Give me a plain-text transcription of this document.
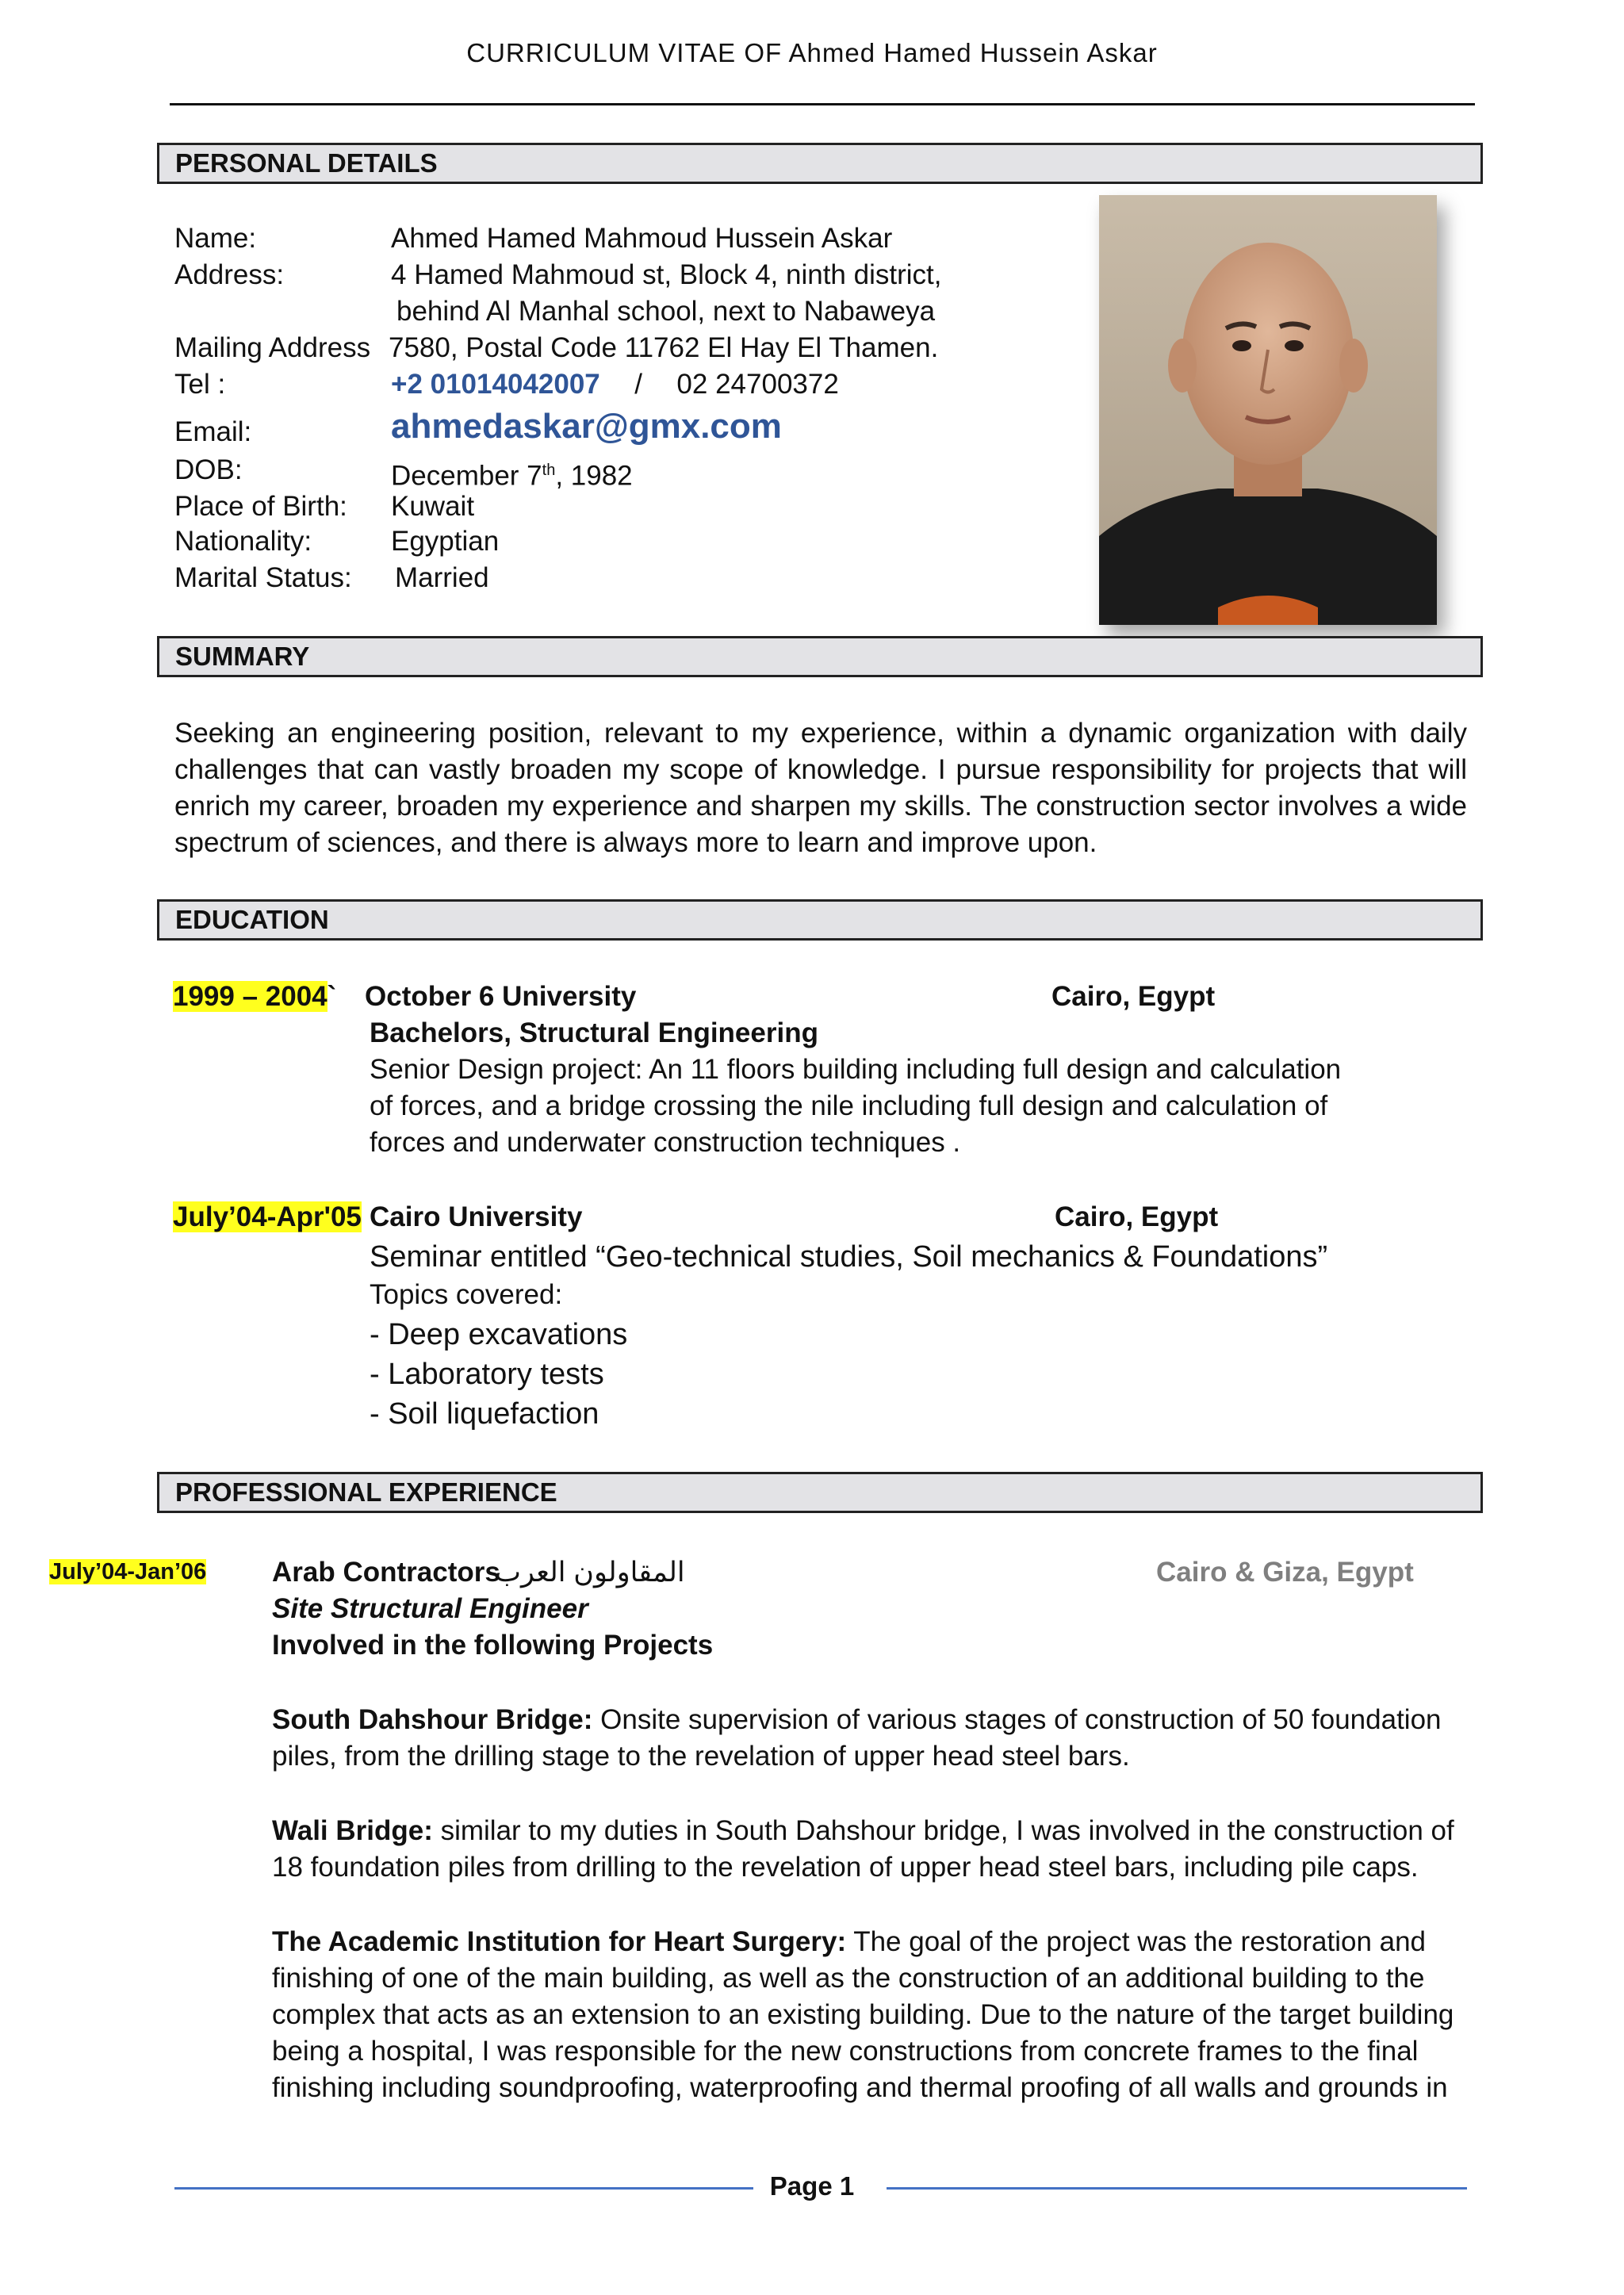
CURRICULUM VITAE OF Ahmed Hamed Hussein Askar
PERSONAL DETAILS
Name:	Ahmed Hamed Mahmoud Hussein Askar
Address:	4 Hamed Mahmoud st, Block 4, ninth district,
behind Al Manhal school, next to Nabaweya
Mailing Address 7580, Postal Code 11762 El Hay El Thamen.
Tel :	+2 01014042007 / 02 24700372
Email:	ahmedaskar@gmx.com
DOB:	December 7th, 1982
Place of Birth: Kuwait
Nationality:	Egyptian
Marital Status: Married
SUMMARY
Seeking an engineering position, relevant to my experience, within a dynamic organization with daily
challenges that can vastly broaden my scope of knowledge. I pursue responsibility for projects that will
enrich my career, broaden my experience and sharpen my skills. The construction sector involves a wide
spectrum of sciences, and there is always more to learn and improve upon.
EDUCATION
1999 – 2004` October 6 University	Cairo, Egypt
Bachelors, Structural Engineering
Senior Design project: An 11 floors building including full design and calculation
of forces, and a bridge crossing the nile including full design and calculation of
forces and underwater construction techniques .
July’04-Apr'05 Cairo University	Cairo, Egypt
Seminar entitled “Geo-technical studies, Soil mechanics & Foundations”
Topics covered:
- Deep excavations
- Laboratory tests
- Soil liquefaction
PROFESSIONAL EXPERIENCE
July’04-Jan’06 Arab Contractors
المقاولون العرب	Cairo & Giza, Egypt
Site Structural Engineer
Involved in the following Projects
South Dahshour Bridge: Onsite supervision of various stages of construction of 50 foundation
piles, from the drilling stage to the revelation of upper head steel bars.
Wali Bridge: similar to my duties in South Dahshour bridge, I was involved in the construction of
18 foundation piles from drilling to the revelation of upper head steel bars, including pile caps.
The Academic Institution for Heart Surgery: The goal of the project was the restoration and
finishing of one of the main building, as well as the construction of an additional building to the
complex that acts as an extension to an existing building. Due to the nature of the target building
being a hospital, I was responsible for the new constructions from concrete frames to the final
finishing including soundproofing, waterproofing and thermal proofing of all walls and grounds in
Page 1
